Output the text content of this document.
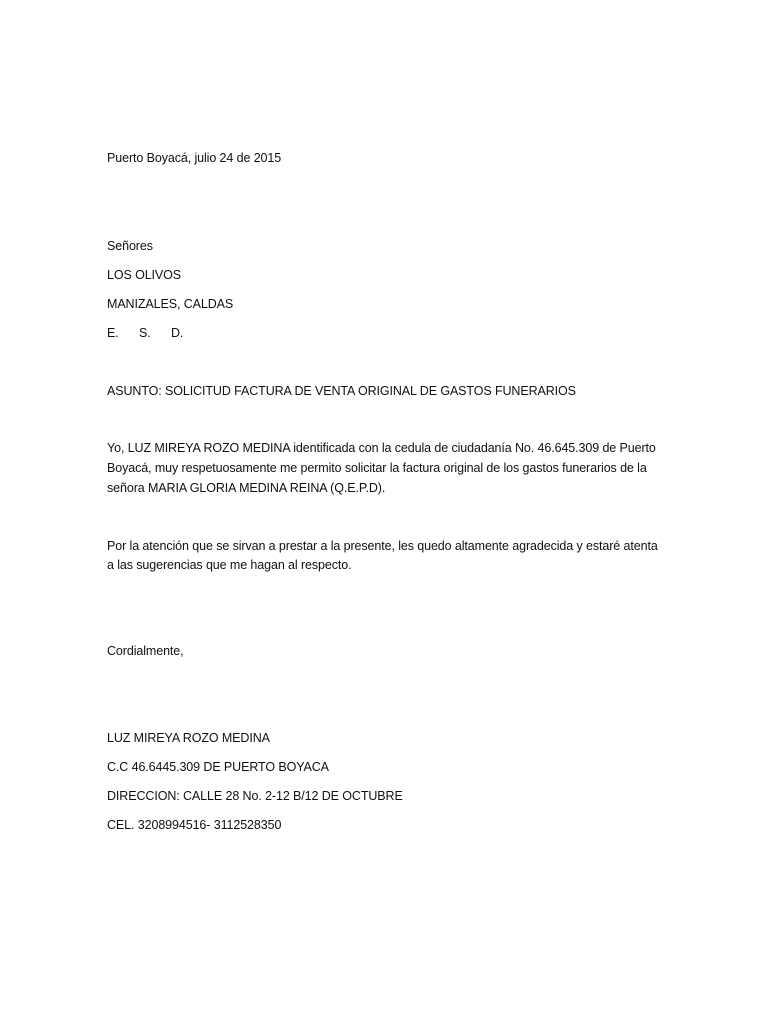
Puerto Boyacá, julio 24 de 2015
Señores
LOS OLIVOS
MANIZALES, CALDAS
E.	S.	D.
ASUNTO: SOLICITUD FACTURA DE VENTA ORIGINAL DE GASTOS FUNERARIOS
Yo, LUZ MIREYA ROZO MEDINA identificada con la cedula de ciudadanía No. 46.645.309 de Puerto
Boyacá, muy respetuosamente me permito solicitar la factura original de los gastos funerarios de la
señora MARIA GLORIA MEDINA REINA (Q.E.P.D).
Por la atención que se sirvan a prestar a la presente, les quedo altamente agradecida y estaré atenta
a las sugerencias que me hagan al respecto.
Cordialmente,
LUZ MIREYA ROZO MEDINA
C.C 46.6445.309 DE PUERTO BOYACA
DIRECCION: CALLE 28 No. 2-12 B/12 DE OCTUBRE
CEL. 3208994516- 3112528350
